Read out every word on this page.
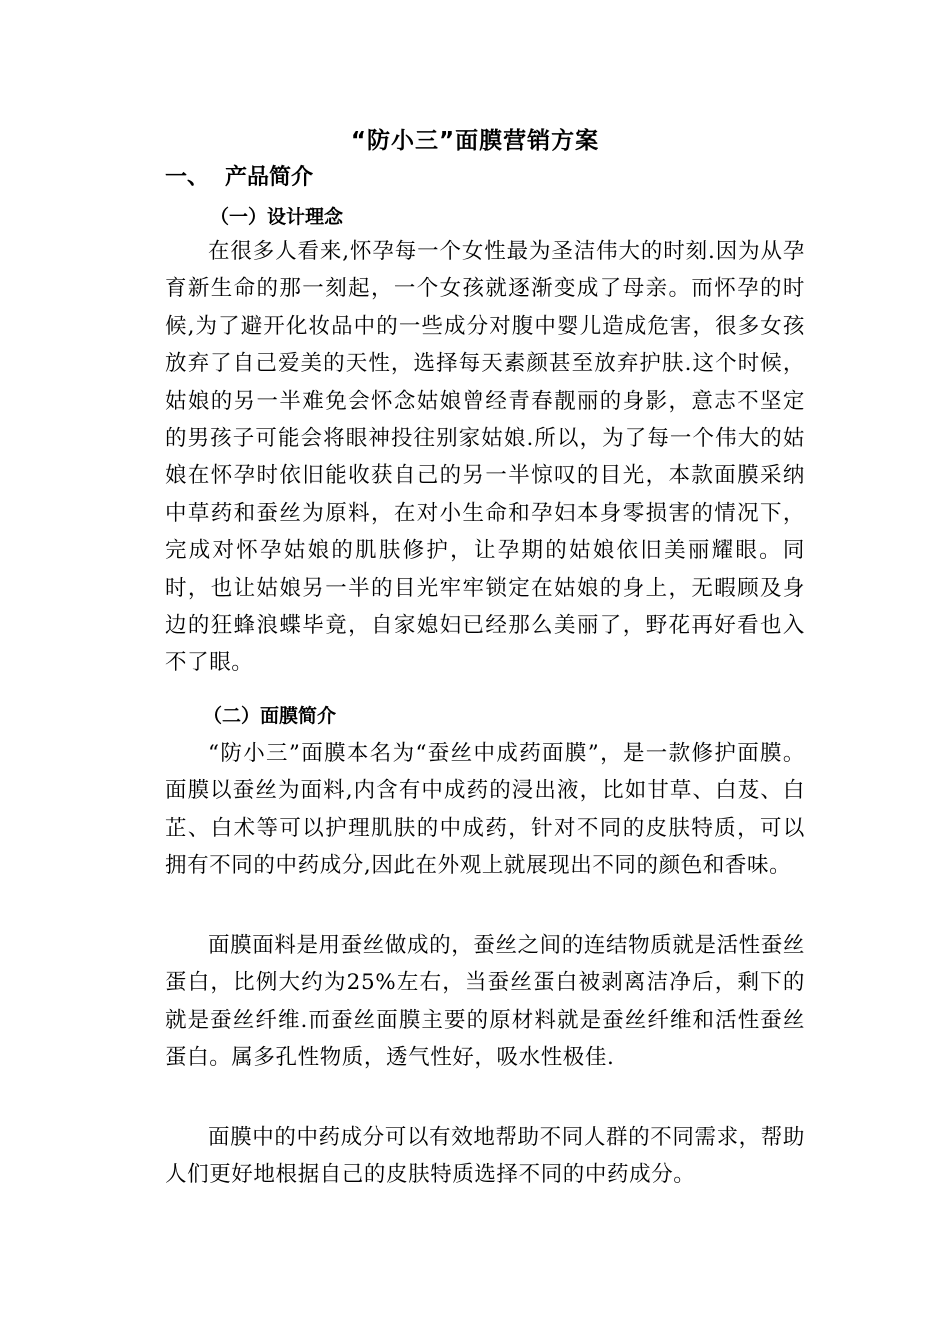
“防小三”面膜营销方案
一、 产品简介
（一）设计理念

在很多人看来,怀孕每一个女性最为圣洁伟大的时刻.因为从孕育新生命的那一刻起，一个女孩就逐渐变成了母亲。而怀孕的时候,为了避开化妆品中的一些成分对腹中婴儿造成危害，很多女孩放弃了自己爱美的天性，选择每天素颜甚至放弃护肤.这个时候，姑娘的另一半难免会怀念姑娘曾经青春靓丽的身影，意志不坚定的男孩子可能会将眼神投往别家姑娘.所以，为了每一个伟大的姑娘在怀孕时依旧能收获自己的另一半惊叹的目光，本款面膜采纳中草药和蚕丝为原料，在对小生命和孕妇本身零损害的情况下，完成对怀孕姑娘的肌肤修护，让孕期的姑娘依旧美丽耀眼。同时，也让姑娘另一半的目光牢牢锁定在姑娘的身上，无暇顾及身边的狂蜂浪蝶毕竟，自家媳妇已经那么美丽了，野花再好看也入不了眼。

（二）面膜简介

“防小三”面膜本名为“蚕丝中成药面膜”，是一款修护面膜。面膜以蚕丝为面料,内含有中成药的浸出液，比如甘草、白芨、白芷、白术等可以护理肌肤的中成药，针对不同的皮肤特质，可以拥有不同的中药成分,因此在外观上就展现出不同的颜色和香味。

面膜面料是用蚕丝做成的，蚕丝之间的连结物质就是活性蚕丝蛋白，比例大约为25%左右，当蚕丝蛋白被剥离洁净后，剩下的就是蚕丝纤维.而蚕丝面膜主要的原材料就是蚕丝纤维和活性蚕丝蛋白。属多孔性物质，透气性好，吸水性极佳.

面膜中的中药成分可以有效地帮助不同人群的不同需求，帮助人们更好地根据自己的皮肤特质选择不同的中药成分。
